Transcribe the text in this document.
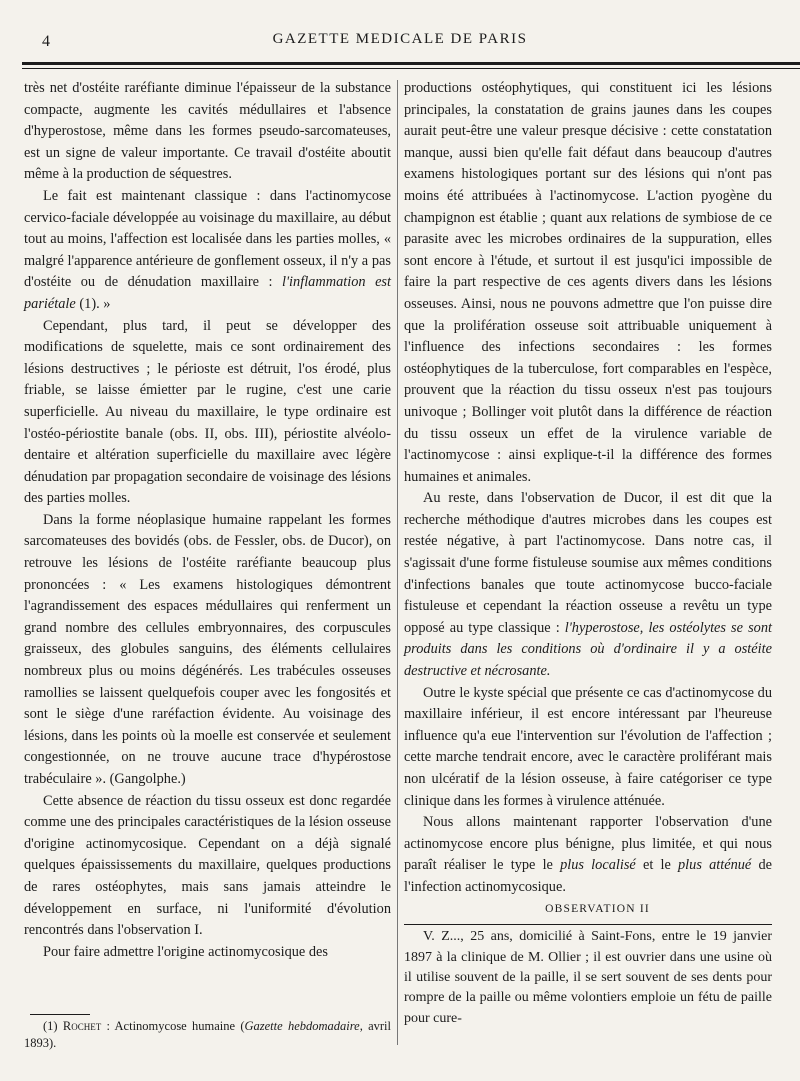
4	GAZETTE MEDICALE DE PARIS

très net d'ostéite raréfiante diminue l'épaisseur de la substance compacte, augmente les cavités médullaires et l'absence d'hyperostose, même dans les formes pseudo-sarcomateuses, est un signe de valeur importante. Ce travail d'ostéite aboutit même à la production de séquestres.

Le fait est maintenant classique : dans l'actinomycose cervico-faciale développée au voisinage du maxillaire, au début tout au moins, l'affection est localisée dans les parties molles, « malgré l'apparence antérieure de gonflement osseux, il n'y a pas d'ostéite ou de dénudation maxillaire : l'inflammation est pariétale (1). »

Cependant, plus tard, il peut se développer des modifications de squelette, mais ce sont ordinairement des lésions destructives ; le périoste est détruit, l'os érodé, plus friable, se laisse émietter par le rugine, c'est une carie superficielle. Au niveau du maxillaire, le type ordinaire est l'ostéo-périostite banale (obs. II, obs. III), périostite alvéolo-dentaire et altération superficielle du maxillaire avec légère dénudation par propagation secondaire de voisinage des lésions des parties molles.

Dans la forme néoplasique humaine rappelant les formes sarcomateuses des bovidés (obs. de Fessler, obs. de Ducor), on retrouve les lésions de l'ostéite raréfiante beaucoup plus prononcées : « Les examens histologiques démontrent l'agrandissement des espaces médullaires qui renferment un grand nombre des cellules embryonnaires, des corpuscules graisseux, des globules sanguins, des éléments cellulaires nombreux plus ou moins dégénérés. Les trabécules osseuses ramollies se laissent quelquefois couper avec les fongosités et sont le siège d'une raréfaction évidente. Au voisinage des lésions, dans les points où la moelle est conservée et seulement congestionnée, on ne trouve aucune trace d'hypérostose trabéculaire ». (Gangolphe.)

Cette absence de réaction du tissu osseux est donc regardée comme une des principales caractéristiques de la lésion osseuse d'origine actinomycosique. Cependant on a déjà signalé quelques épaississements du maxillaire, quelques productions de rares ostéophytes, mais sans jamais atteindre le développement en surface, ni l'uniformité d'évolution rencontrés dans l'observation I.

Pour faire admettre l'origine actinomycosique des

(1) Rochet : Actinomycose humaine (Gazette hebdomadaire, avril 1893).

productions ostéophytiques, qui constituent ici les lésions principales, la constatation de grains jaunes dans les coupes aurait peut-être une valeur presque décisive : cette constatation manque, aussi bien qu'elle fait défaut dans beaucoup d'autres examens histologiques portant sur des lésions qui n'ont pas moins été attribuées à l'actinomycose. L'action pyogène du champignon est établie ; quant aux relations de symbiose de ce parasite avec les microbes ordinaires de la suppuration, elles sont encore à l'étude, et surtout il est jusqu'ici impossible de faire la part respective de ces agents divers dans les lésions osseuses. Ainsi, nous ne pouvons admettre que l'on puisse dire que la prolifération osseuse soit attribuable uniquement à l'influence des infections secondaires : les formes ostéophytiques de la tuberculose, fort comparables en l'espèce, prouvent que la réaction du tissu osseux n'est pas toujours univoque ; Bollinger voit plutôt dans la différence de réaction du tissu osseux un effet de la virulence variable de l'actinomycose : ainsi explique-t-il la différence des formes humaines et animales.

Au reste, dans l'observation de Ducor, il est dit que la recherche méthodique d'autres microbes dans les coupes est restée négative, à part l'actinomycose. Dans notre cas, il s'agissait d'une forme fistuleuse soumise aux mêmes conditions d'infections banales que toute actinomycose bucco-faciale fistuleuse et cependant la réaction osseuse a revêtu un type opposé au type classique : l'hyperostose, les ostéolytes se sont produits dans les conditions où d'ordinaire il y a ostéite destructive et nécrosante.

Outre le kyste spécial que présente ce cas d'actinomycose du maxillaire inférieur, il est encore intéressant par l'heureuse influence qu'a eue l'intervention sur l'évolution de l'affection ; cette marche tendrait encore, avec le caractère proliférant mais non ulcératif de la lésion osseuse, à faire catégoriser ce type clinique dans les formes à virulence atténuée.

Nous allons maintenant rapporter l'observation d'une actinomycose encore plus bénigne, plus limitée, et qui nous paraît réaliser le type le plus localisé et le plus atténué de l'infection actinomycosique.

OBSERVATION II

V. Z..., 25 ans, domicilié à Saint-Fons, entre le 19 janvier 1897 à la clinique de M. Ollier ; il est ouvrier dans une usine où il utilise souvent de la paille, il se sert souvent de ses dents pour rompre de la paille ou même volontiers emploie un fétu de paille pour cure-
